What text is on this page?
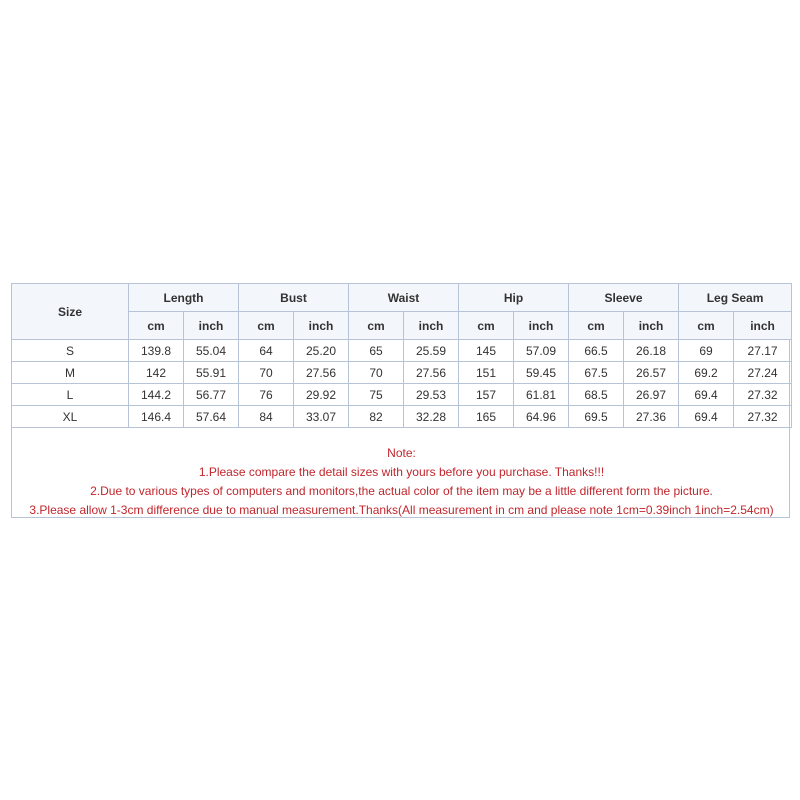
Size	Length		Bust		Waist		Hip		Sleeve		Leg Seam	
	cm	inch	cm	inch	cm	inch	cm	inch	cm	inch	cm	inch
S	139.8	55.04	64	25.20	65	25.59	145	57.09	66.5	26.18	69	27.17
M	142	55.91	70	27.56	70	27.56	151	59.45	67.5	26.57	69.2	27.24
L	144.2	56.77	76	29.92	75	29.53	157	61.81	68.5	26.97	69.4	27.32
XL	146.4	57.64	84	33.07	82	32.28	165	64.96	69.5	27.36	69.4	27.32
Note:
1.Please compare the detail sizes with yours before you purchase. Thanks!!!
2.Due to various types of computers and monitors,the actual color of the item may be a little different form the picture.
3.Please allow 1-3cm difference due to manual measurement.Thanks(All measurement in cm and please note 1cm=0.39inch 1inch=2.54cm)
